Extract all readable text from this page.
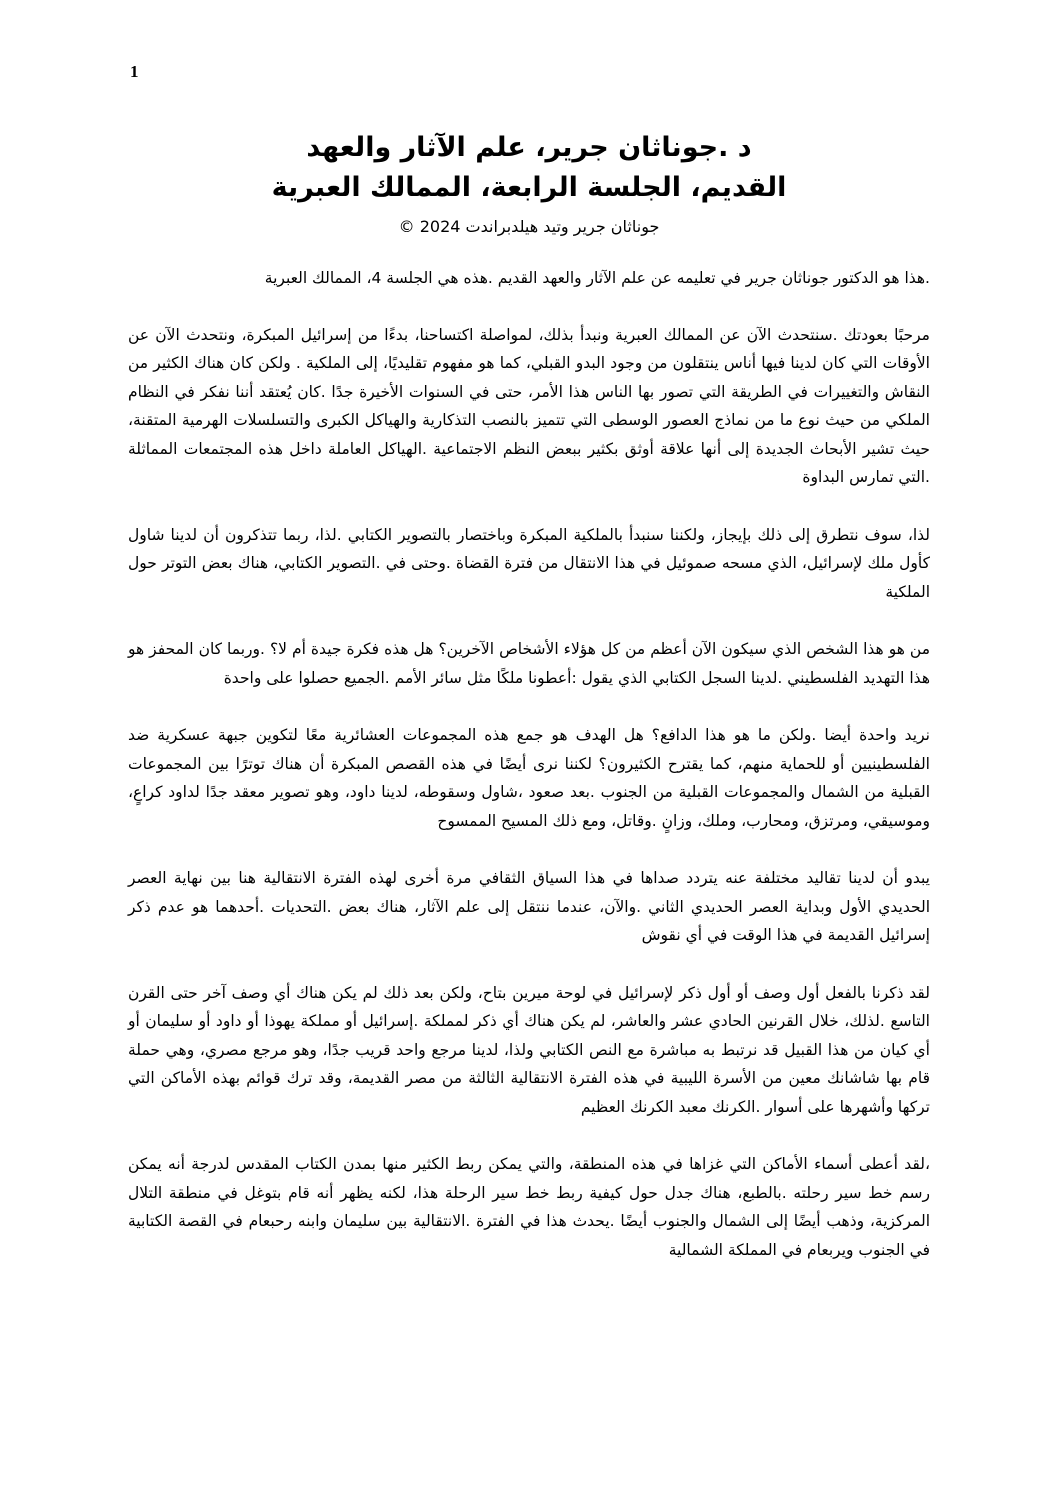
1
د .جوناثان جرير، علم الآثار والعهد
القديم، الجلسة الرابعة، الممالك العبرية
جوناثان جرير وتيد هيلدبراندت 2024 ©

.هذا هو الدكتور جوناثان جرير في تعليمه عن علم الآثار والعهد القديم .هذه هي الجلسة 4، الممالك العبرية

مرحبًا بعودتك .سنتحدث الآن عن الممالك العبرية ونبدأ بذلك، لمواصلة اكتساحنا، بدءًا من إسرائيل المبكرة، ونتحدث الآن عن الأوقات التي كان لدينا فيها أناس ينتقلون من وجود البدو القبلي، كما هو مفهوم تقليديًا، إلى الملكية . ولكن كان هناك الكثير من النقاش والتغييرات في الطريقة التي تصور بها الناس هذا الأمر، حتى في السنوات الأخيرة جدًا .كان يُعتقد أننا نفكر في النظام الملكي من حيث نوع ما من نماذج العصور الوسطى التي تتميز بالنصب التذكارية والهياكل الكبرى والتسلسلات الهرمية المتقنة، حيث تشير الأبحاث الجديدة إلى أنها علاقة أوثق بكثير ببعض النظم الاجتماعية .الهياكل العاملة داخل هذه المجتمعات المماثلة .التي تمارس البداوة

لذا، سوف نتطرق إلى ذلك بإيجاز، ولكننا سنبدأ بالملكية المبكرة وباختصار بالتصوير الكتابي .لذا، ربما تتذكرون أن لدينا شاول كأول ملك لإسرائيل، الذي مسحه صموئيل في هذا الانتقال من فترة القضاة .وحتى في .التصوير الكتابي، هناك بعض التوتر حول الملكية

من هو هذا الشخص الذي سيكون الآن أعظم من كل هؤلاء الأشخاص الآخرين؟ هل هذه فكرة جيدة أم لا؟ .وربما كان المحفز هو هذا التهديد الفلسطيني .لدينا السجل الكتابي الذي يقول :أعطونا ملكًا مثل سائر الأمم .الجميع حصلوا على واحدة

نريد واحدة أيضا .ولكن ما هو هذا الدافع؟ هل الهدف هو جمع هذه المجموعات العشائرية معًا لتكوين جبهة عسكرية ضد الفلسطينيين أو للحماية منهم، كما يقترح الكثيرون؟ لكننا نرى أيضًا في هذه القصص المبكرة أن هناك توترًا بين المجموعات القبلية من الشمال والمجموعات القبلية من الجنوب .بعد صعود ،شاول وسقوطه، لدينا داود، وهو تصوير معقد جدًا لداود كراعٍ، وموسيقي، ومرتزق، ومحارب، وملك، وزانٍ .وقاتل، ومع ذلك المسيح الممسوح

يبدو أن لدينا تقاليد مختلفة عنه يتردد صداها في هذا السياق الثقافي مرة أخرى لهذه الفترة الانتقالية هنا بين نهاية العصر الحديدي الأول وبداية العصر الحديدي الثاني .والآن، عندما ننتقل إلى علم الآثار، هناك بعض .التحديات .أحدهما هو عدم ذكر إسرائيل القديمة في هذا الوقت في أي نقوش

لقد ذكرنا بالفعل أول وصف أو أول ذكر لإسرائيل في لوحة ميرين بتاح، ولكن بعد ذلك لم يكن هناك أي وصف آخر حتى القرن التاسع .لذلك، خلال القرنين الحادي عشر والعاشر، لم يكن هناك أي ذكر لمملكة .إسرائيل أو مملكة يهوذا أو داود أو سليمان أو أي كيان من هذا القبيل قد نرتبط به مباشرة مع النص الكتابي ولذا، لدينا مرجع واحد قريب جدًا، وهو مرجع مصري، وهي حملة قام بها شاشانك معين من الأسرة الليبية في هذه الفترة الانتقالية الثالثة من مصر القديمة، وقد ترك قوائم بهذه الأماكن التي تركها وأشهرها على أسوار .الكرنك معبد الكرنك العظيم

،لقد أعطى أسماء الأماكن التي غزاها في هذه المنطقة، والتي يمكن ربط الكثير منها بمدن الكتاب المقدس لدرجة أنه يمكن رسم خط سير رحلته .بالطبع، هناك جدل حول كيفية ربط خط سير الرحلة هذا، لكنه يظهر أنه قام بتوغل في منطقة التلال المركزية، وذهب أيضًا إلى الشمال والجنوب أيضًا .يحدث هذا في الفترة .الانتقالية بين سليمان وابنه رحبعام في القصة الكتابية في الجنوب ويربعام في المملكة الشمالية
